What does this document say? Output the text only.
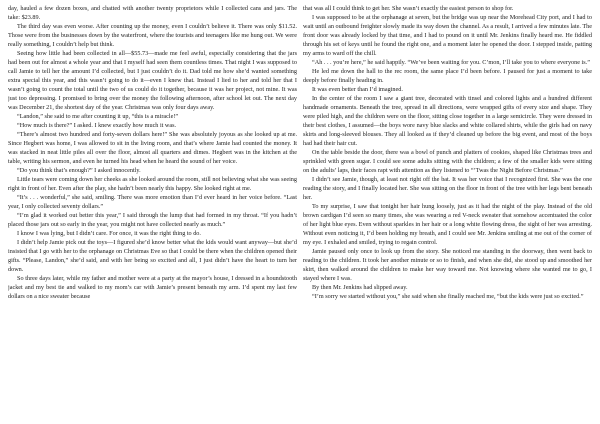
day, hauled a few dozen boxes, and chatted with another twenty proprietors while I collected cans and jars. The take: $23.89.

The third day was even worse. After counting up the money, even I couldn’t believe it. There was only $11.52. Those were from the businesses down by the waterfront, where the tourists and teenagers like me hung out. We were really something, I couldn’t help but think.

Seeing how little had been collected in all—$55.73—made me feel awful, especially considering that the jars had been out for almost a whole year and that I myself had seen them countless times. That night I was supposed to call Jamie to tell her the amount I’d collected, but I just couldn’t do it. Dad told me how she’d wanted something extra special this year, and this wasn’t going to do it—even I knew that. Instead I lied to her and told her that I wasn’t going to count the total until the two of us could do it together, because it was her project, not mine. It was just too depressing. I promised to bring over the money the following afternoon, after school let out. The next day was December 21, the shortest day of the year. Christmas was only four days away.

“Landon,” she said to me after counting it up, “this is a miracle!”

“How much is there?” I asked. I knew exactly how much it was.

“There’s almost two hundred and forty-seven dollars here!” She was absolutely joyous as she looked up at me. Since Hegbert was home, I was allowed to sit in the living room, and that’s where Jamie had counted the money. It was stacked in neat little piles all over the floor, almost all quarters and dimes. Hegbert was in the kitchen at the table, writing his sermon, and even he turned his head when he heard the sound of her voice.

“Do you think that’s enough?” I asked innocently.

Little tears were coming down her cheeks as she looked around the room, still not believing what she was seeing right in front of her. Even after the play, she hadn’t been nearly this happy. She looked right at me.

“It’s . . . wonderful,” she said, smiling. There was more emotion than I’d ever heard in her voice before. “Last year, I only collected seventy dollars.”

“I’m glad it worked out better this year,” I said through the lump that had formed in my throat. “If you hadn’t placed those jars out so early in the year, you might not have collected nearly as much.”

I know I was lying, but I didn’t care. For once, it was the right thing to do.

I didn’t help Jamie pick out the toys—I figured she’d know better what the kids would want anyway—but she’d insisted that I go with her to the orphanage on Christmas Eve so that I could be there when the children opened their gifts. “Please, Landon,” she’d said, and with her being so excited and all, I just didn’t have the heart to turn her down.

So three days later, while my father and mother were at a party at the mayor’s house, I dressed in a houndstooth jacket and my best tie and walked to my mom’s car with Jamie’s present beneath my arm. I’d spent my last few dollars on a nice sweater because

that was all I could think to get her. She wasn’t exactly the easiest person to shop for.

I was supposed to be at the orphanage at seven, but the bridge was up near the Morehead City port, and I had to wait until an outbound freighter slowly made its way down the channel. As a result, I arrived a few minutes late. The front door was already locked by that time, and I had to pound on it until Mr. Jenkins finally heard me. He fiddled through his set of keys until he found the right one, and a moment later he opened the door. I stepped inside, patting my arms to ward off the chill.

“Ah . . . you’re here,” he said happily. “We’ve been waiting for you. C’mon, I’ll take you to where everyone is.”

He led me down the hall to the rec room, the same place I’d been before. I paused for just a moment to take deeply before finally heading in.

It was even better than I’d imagined.

In the center of the room I saw a giant tree, decorated with tinsel and colored lights and a hundred different handmade ornaments. Beneath the tree, spread in all directions, were wrapped gifts of every size and shape. They were piled high, and the children were on the floor, sitting close together in a large semicircle. They were dressed in their best clothes, I assumed—the boys wore navy blue slacks and white collared shirts, while the girls had on navy skirts and long-sleeved blouses. They all looked as if they’d cleaned up before the big event, and most of the boys had had their hair cut.

On the table beside the door, there was a bowl of punch and platters of cookies, shaped like Christmas trees and sprinkled with green sugar. I could see some adults sitting with the children; a few of the smaller kids were sitting on the adults’ laps, their faces rapt with attention as they listened to “’Twas the Night Before Christmas.”

I didn’t see Jamie, though, at least not right off the bat. It was her voice that I recognized first. She was the one reading the story, and I finally located her. She was sitting on the floor in front of the tree with her legs bent beneath her.

To my surprise, I saw that tonight her hair hung loosely, just as it had the night of the play. Instead of the old brown cardigan I’d seen so many times, she was wearing a red V-neck sweater that somehow accentuated the color of her light blue eyes. Even without sparkles in her hair or a long white flowing dress, the sight of her was arresting. Without even noticing it, I’d been holding my breath, and I could see Mr. Jenkins smiling at me out of the corner of my eye. I exhaled and smiled, trying to regain control.

Jamie paused only once to look up from the story. She noticed me standing in the doorway, then went back to reading to the children. It took her another minute or so to finish, and when she did, she stood up and smoothed her skirt, then walked around the children to make her way toward me. Not knowing where she wanted me to go, I stayed where I was.

By then Mr. Jenkins had slipped away.

“I’m sorry we started without you,” she said when she finally reached me, “but the kids were just so excited.”
